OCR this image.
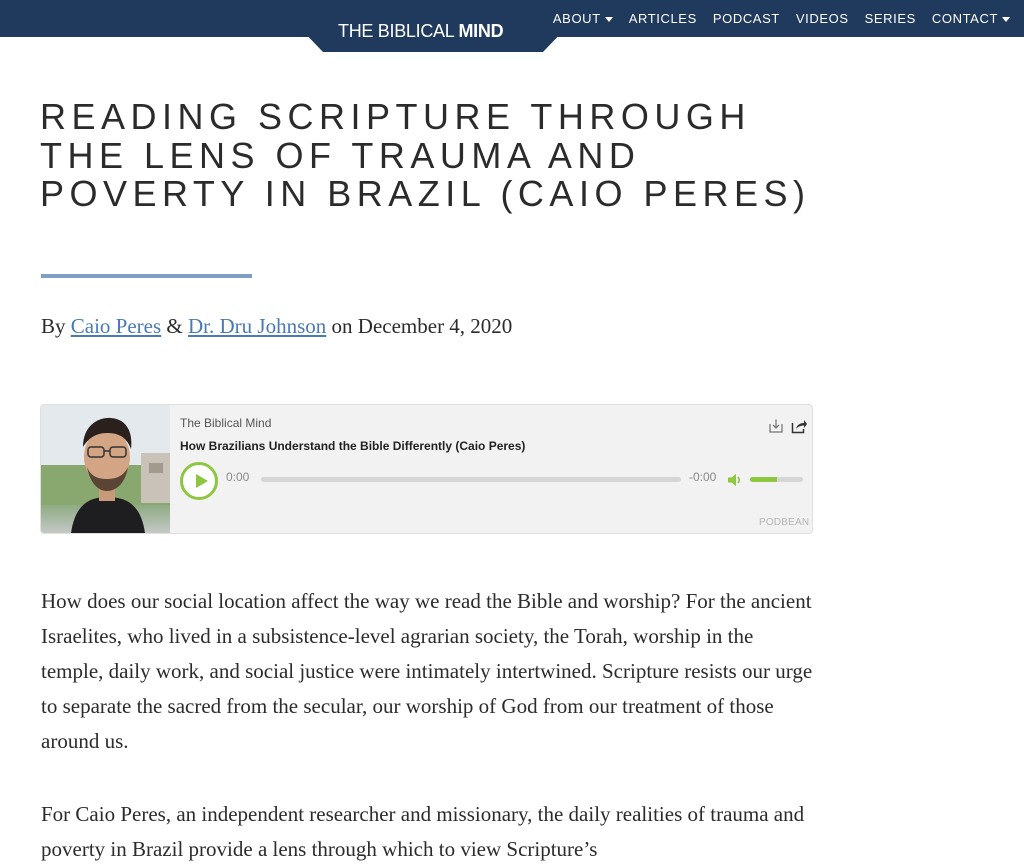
THE BIBLICAL MIND
ABOUT ARTICLES PODCAST VIDEOS SERIES CONTACT
READING SCRIPTURE THROUGH THE LENS OF TRAUMA AND POVERTY IN BRAZIL (CAIO PERES)
By Caio Peres & Dr. Dru Johnson on December 4, 2020
The Biblical Mind
How Brazilians Understand the Bible Differently (Caio Peres)
0:00	-0:00
PODBEAN

How does our social location affect the way we read the Bible and worship? For the ancient Israelites, who lived in a subsistence-level agrarian society, the Torah, worship in the temple, daily work, and social justice were intimately intertwined. Scripture resists our urge to separate the sacred from the secular, our worship of God from our treatment of those around us.

For Caio Peres, an independent researcher and missionary, the daily realities of trauma and poverty in Brazil provide a lens through which to view Scripture’s
